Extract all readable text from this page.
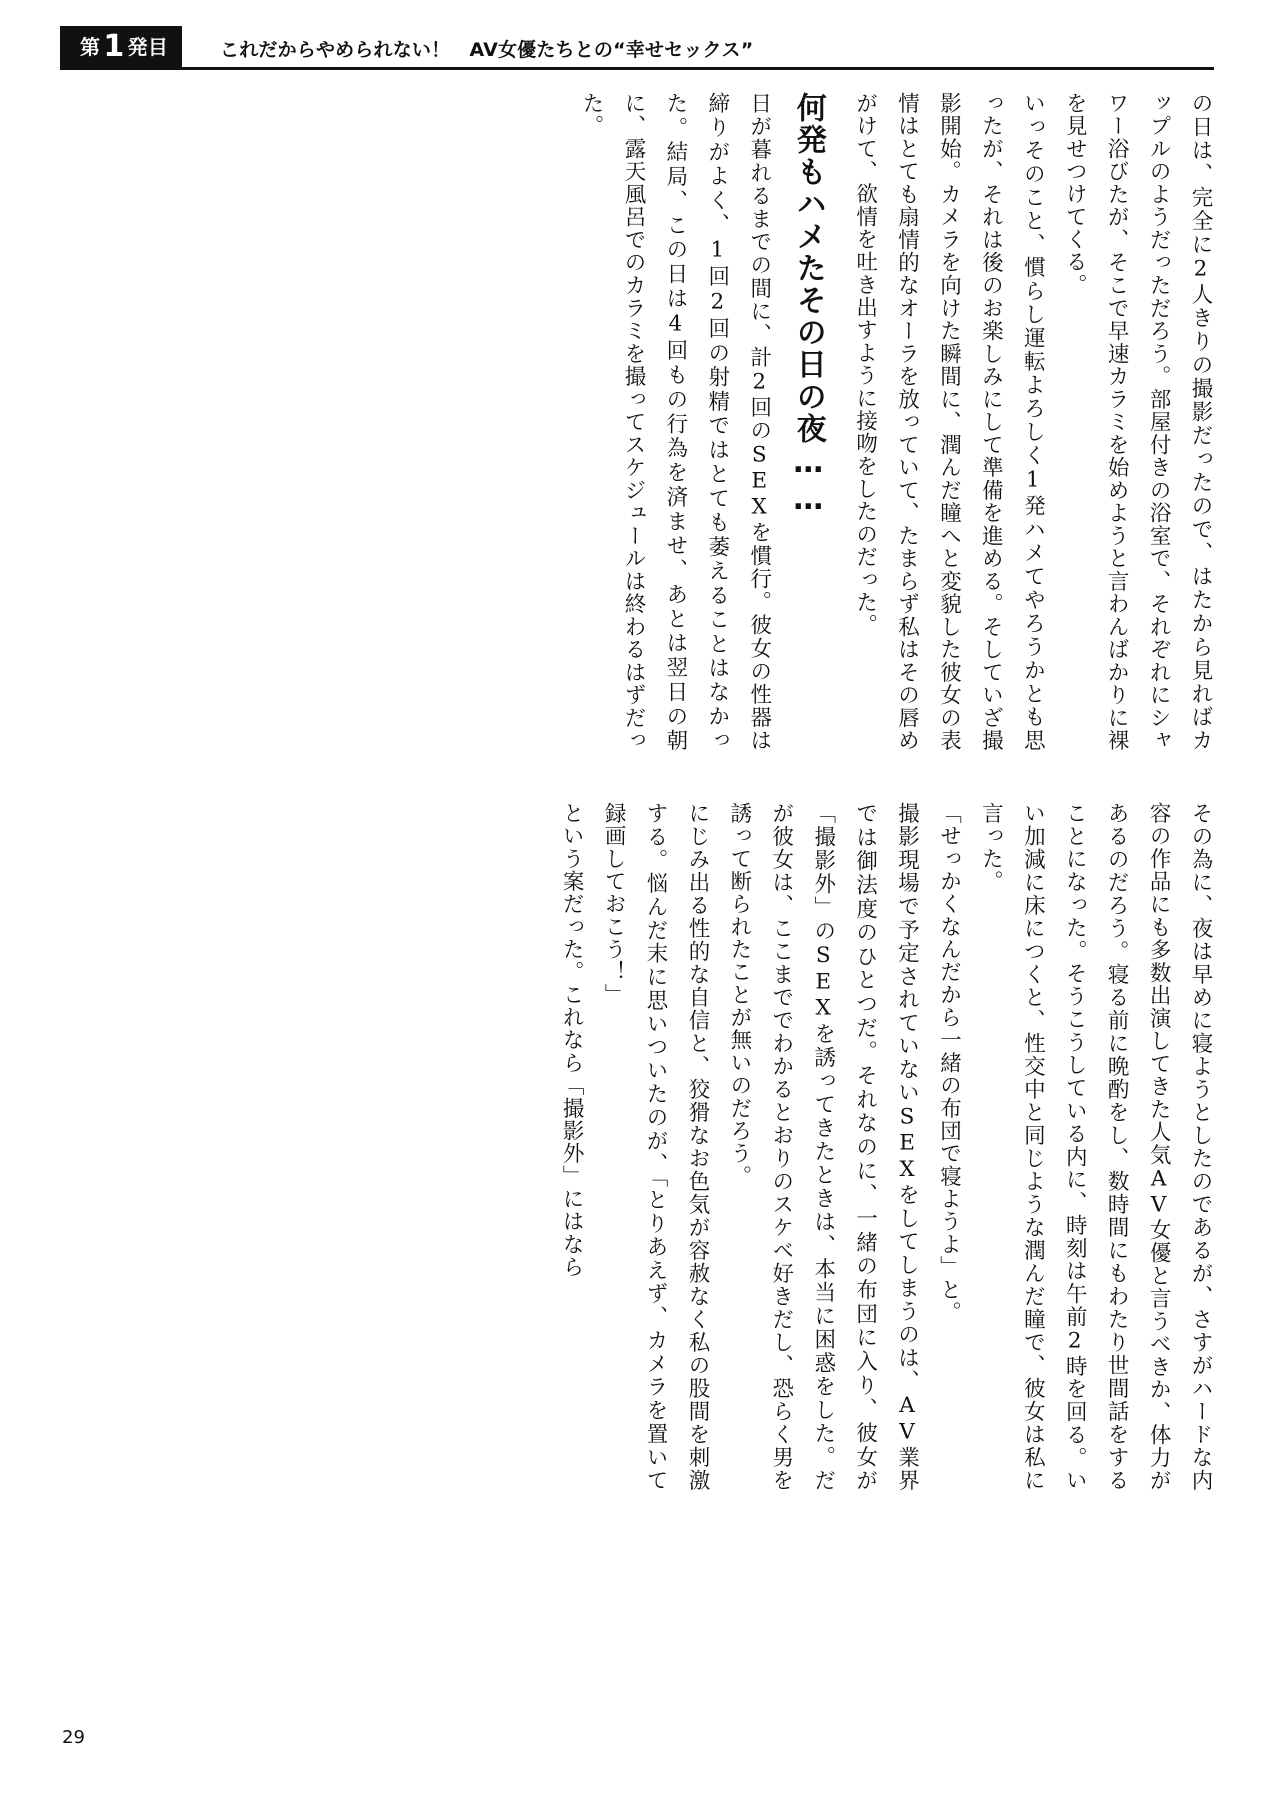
第 1 発目	これだからやめられない！　AV女優たちとの“幸せセックス”

の日は、完全に2人きりの撮影だったので、はたから見ればカップルのようだっただろう。部屋付きの浴室で、それぞれにシャワー浴びたが、そこで早速カラミを始めようと言わんばかりに裸を見せつけてくる。

いっそのこと、慣らし運転よろしく1発ハメてやろうかとも思ったが、それは後のお楽しみにして準備を進める。そしていざ撮影開始。カメラを向けた瞬間に、潤んだ瞳へと変貌した彼女の表情はとても扇情的なオーラを放っていて、たまらず私はその唇めがけて、欲情を吐き出すように接吻をしたのだった。

何発もハメたその日の夜……

日が暮れるまでの間に、計2回のSEXを慣行。彼女の性器は締りがよく、1回2回の射精ではとても萎えることはなかった。結局、この日は4回もの行為を済ませ、あとは翌日の朝に、露天風呂でのカラミを撮ってスケジュールは終わるはずだった。

その為に、夜は早めに寝ようとしたのであるが、さすがハードな内容の作品にも多数出演してきた人気AV女優と言うべきか、体力があるのだろう。寝る前に晩酌をし、数時間にもわたり世間話をすることになった。そうこうしている内に、時刻は午前2時を回る。いい加減に床につくと、性交中と同じような潤んだ瞳で、彼女は私に言った。

「せっかくなんだから一緒の布団で寝ようよ」と。

撮影現場で予定されていないSEXをしてしまうのは、AV業界では御法度のひとつだ。それなのに、一緒の布団に入り、彼女が「撮影外」のSEXを誘ってきたときは、本当に困惑をした。だが彼女は、ここまででわかるとおりのスケベ好きだし、恐らく男を誘って断られたことが無いのだろう。

にじみ出る性的な自信と、狡猾なお色気が容赦なく私の股間を刺激する。悩んだ末に思いついたのが、「とりあえず、カメラを置いて録画しておこう！」

という案だった。これなら「撮影外」にはなら

29
